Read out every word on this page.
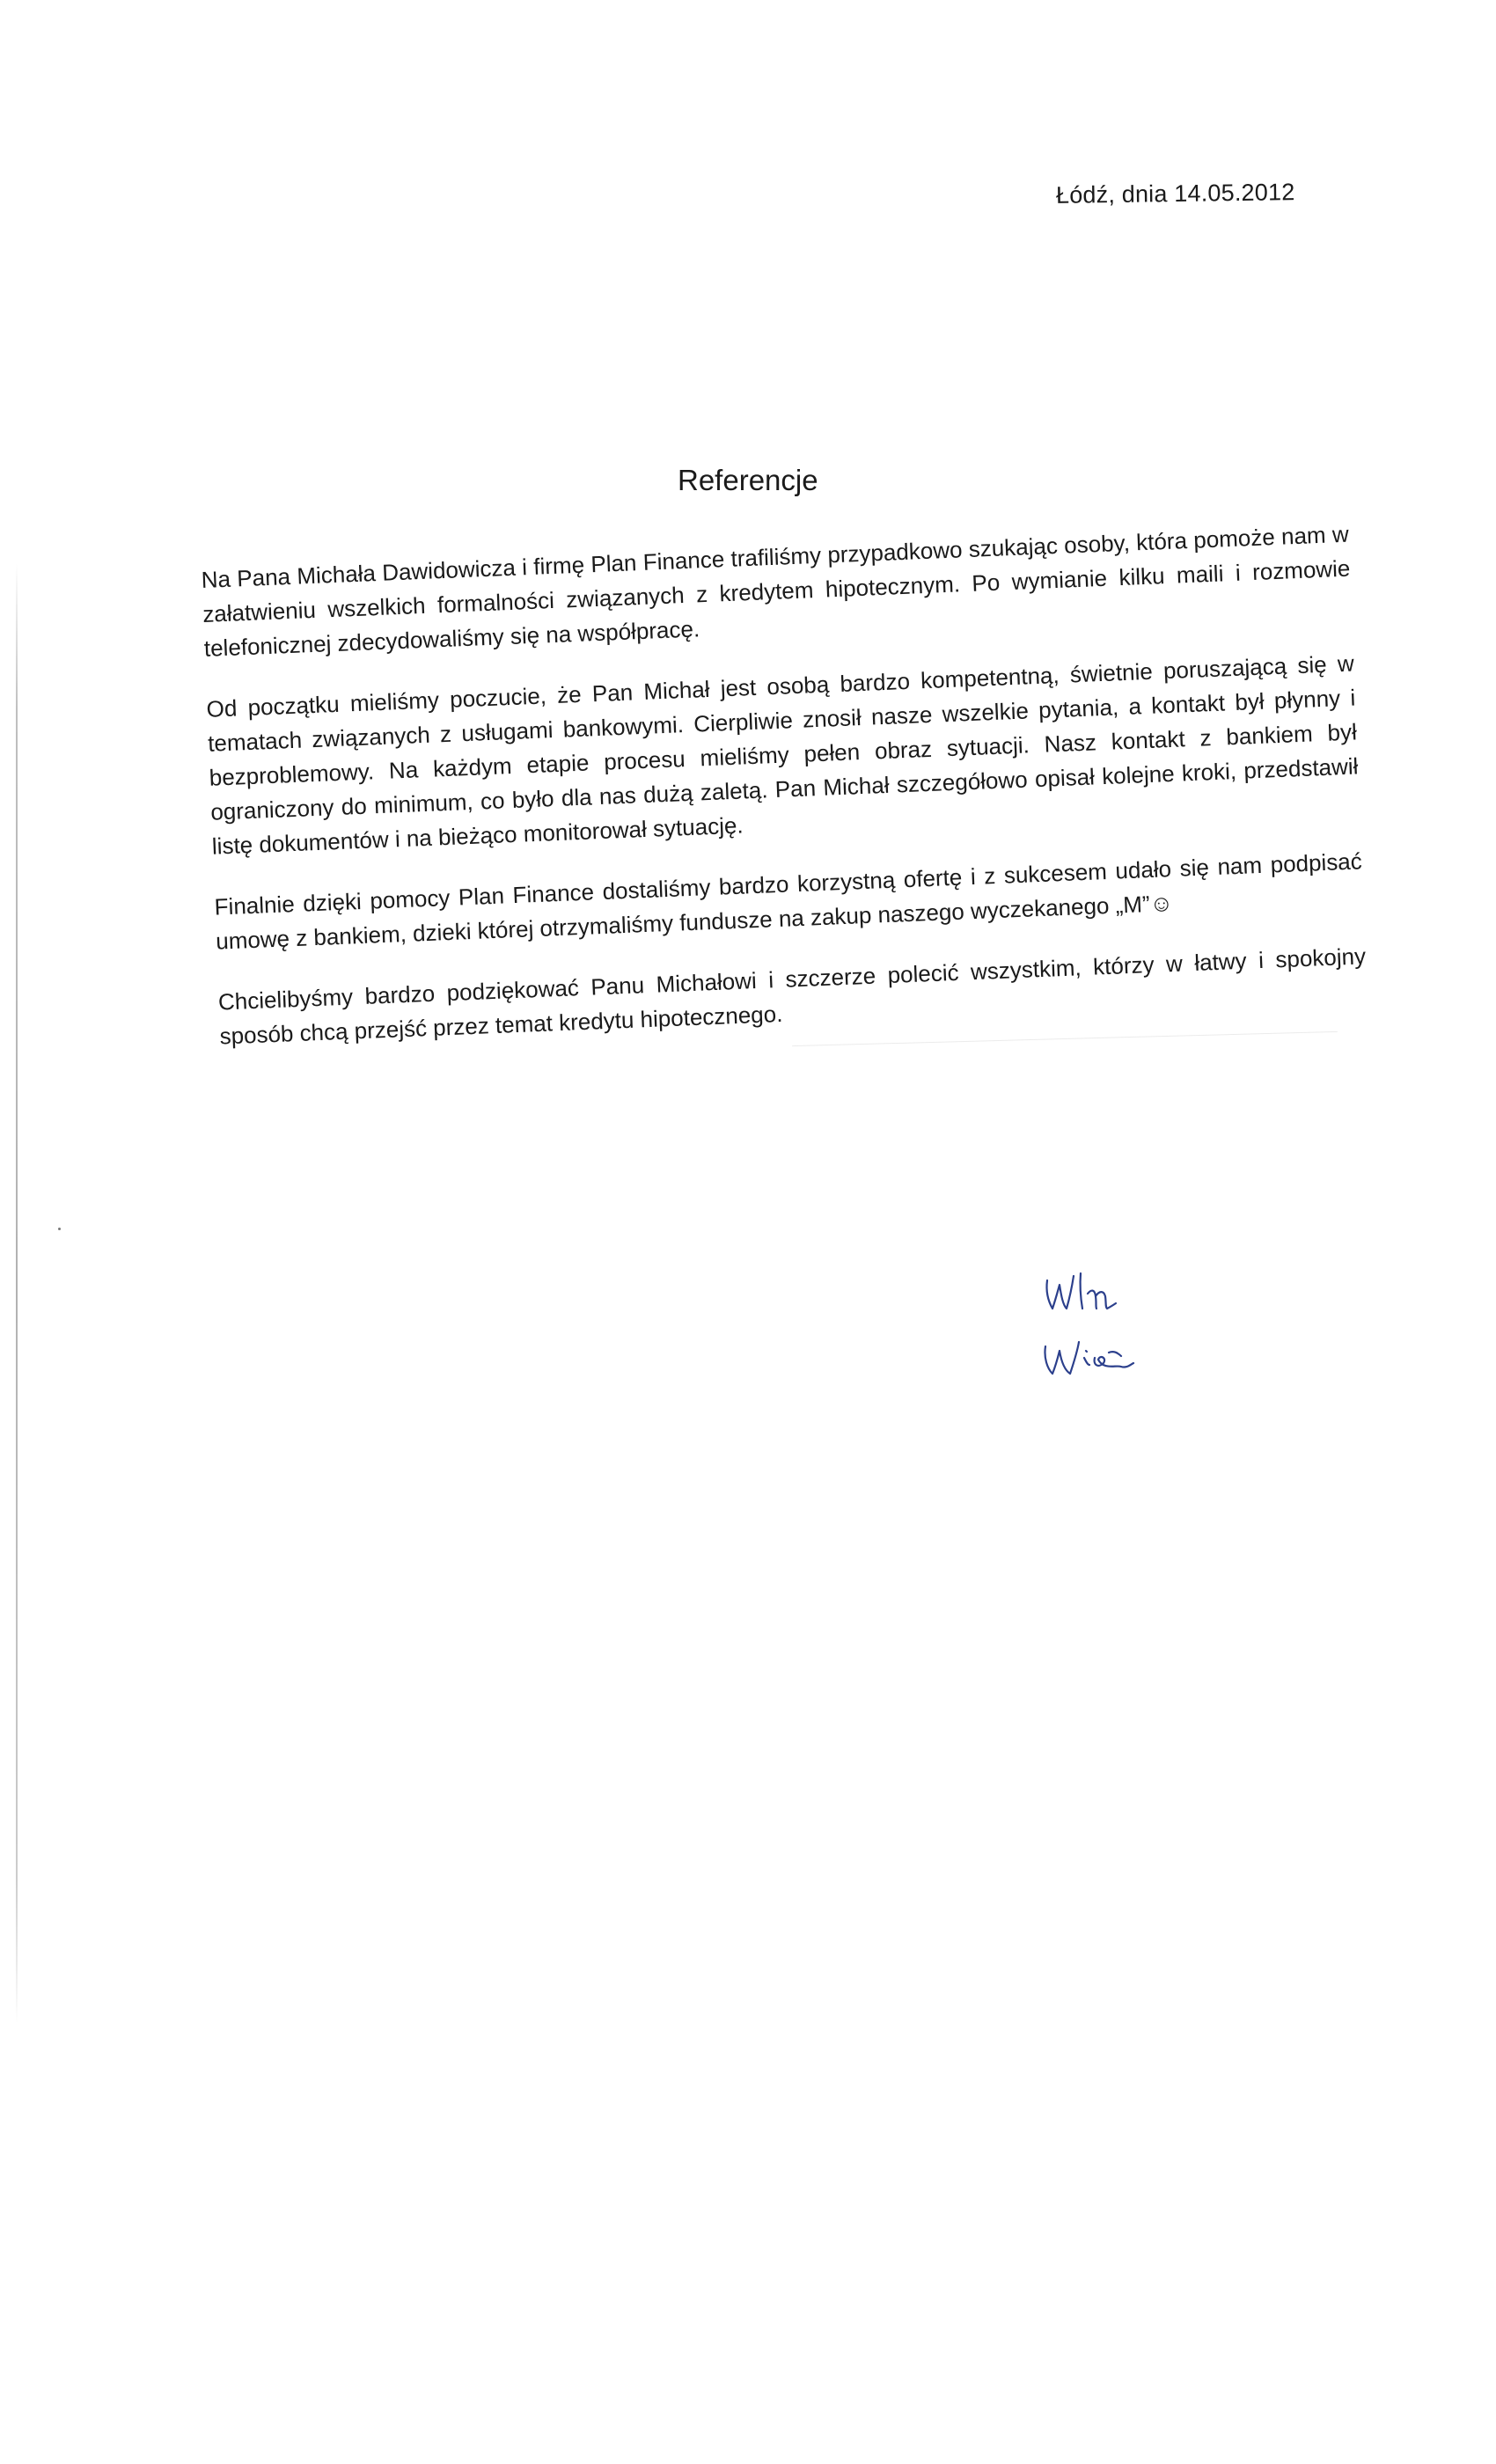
Łódź, dnia 14.05.2012
Referencje

Na Pana Michała Dawidowicza i firmę Plan Finance trafiliśmy przypadkowo szukając osoby, która pomoże nam w załatwieniu wszelkich formalności związanych z kredytem hipotecznym. Po wymianie kilku maili i rozmowie telefonicznej zdecydowaliśmy się na współpracę.

Od początku mieliśmy poczucie, że Pan Michał jest osobą bardzo kompetentną, świetnie poruszającą się w tematach związanych z usługami bankowymi. Cierpliwie znosił nasze wszelkie pytania, a kontakt był płynny i bezproblemowy. Na każdym etapie procesu mieliśmy pełen obraz sytuacji. Nasz kontakt z bankiem był ograniczony do minimum, co było dla nas dużą zaletą. Pan Michał szczegółowo opisał kolejne kroki, przedstawił listę dokumentów i na bieżąco monitorował sytuację.

Finalnie dzięki pomocy Plan Finance dostaliśmy bardzo korzystną ofertę i z sukcesem udało się nam podpisać umowę z bankiem, dzieki której otrzymaliśmy fundusze na zakup naszego wyczekanego „M”☺

Chcielibyśmy bardzo podziękować Panu Michałowi i szczerze polecić wszystkim, którzy w łatwy i spokojny sposób chcą przejść przez temat kredytu hipotecznego.
